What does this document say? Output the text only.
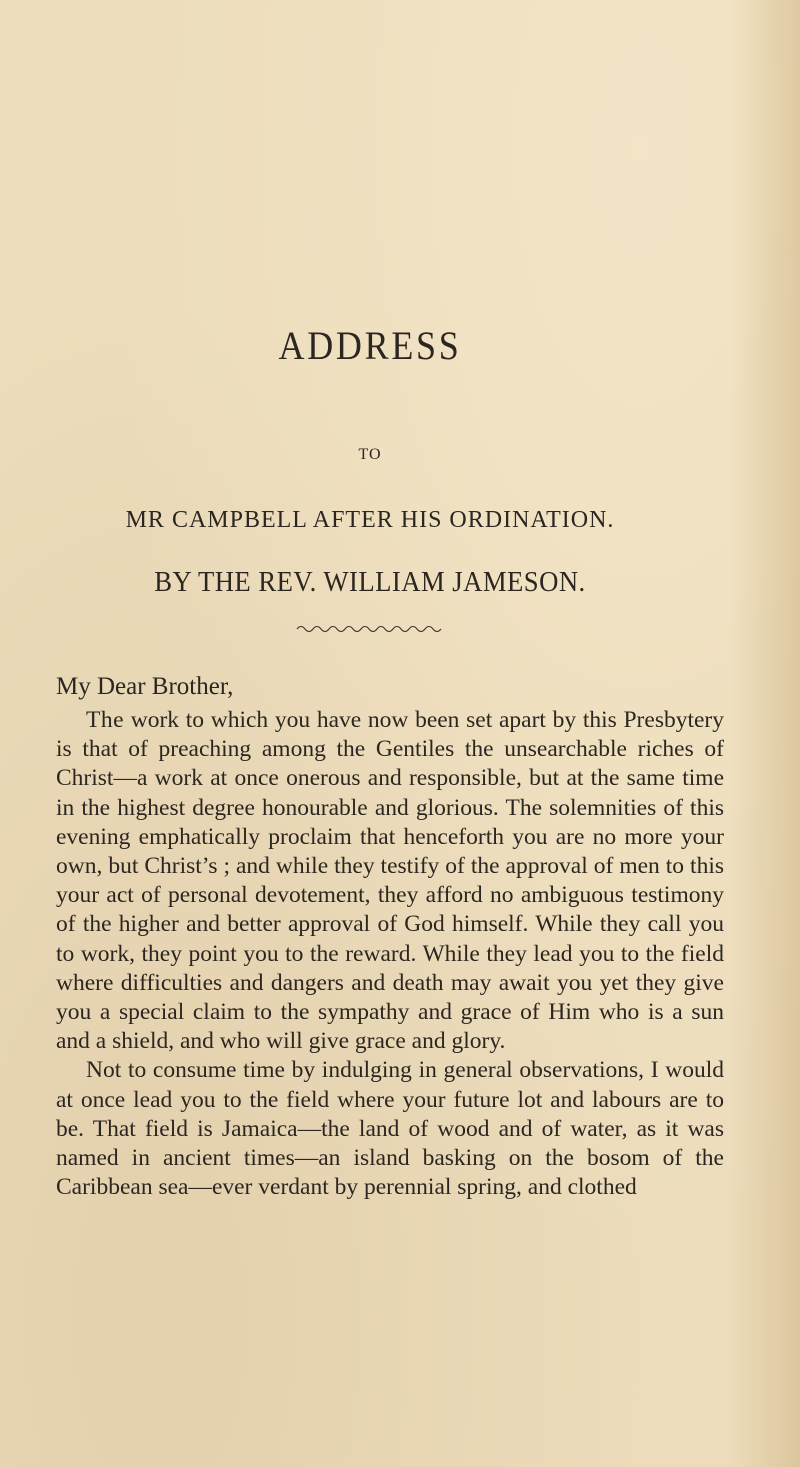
ADDRESS
TO
MR CAMPBELL AFTER HIS ORDINATION.
BY THE REV. WILLIAM JAMESON.
My Dear Brother,

The work to which you have now been set apart by this Presbytery is that of preaching among the Gentiles the unsearchable riches of Christ—a work at once onerous and responsible, but at the same time in the highest degree honourable and glorious. The solemnities of this evening emphatically proclaim that henceforth you are no more your own, but Christ’s ; and while they testify of the approval of men to this your act of personal devotement, they afford no ambiguous testimony of the higher and better approval of God himself. While they call you to work, they point you to the reward. While they lead you to the field where difficulties and dangers and death may await you yet they give you a special claim to the sympathy and grace of Him who is a sun and a shield, and who will give grace and glory.

Not to consume time by indulging in general observations, I would at once lead you to the field where your future lot and labours are to be. That field is Jamaica—the land of wood and of water, as it was named in ancient times—an island basking on the bosom of the Caribbean sea—ever verdant by perennial spring, and clothed
